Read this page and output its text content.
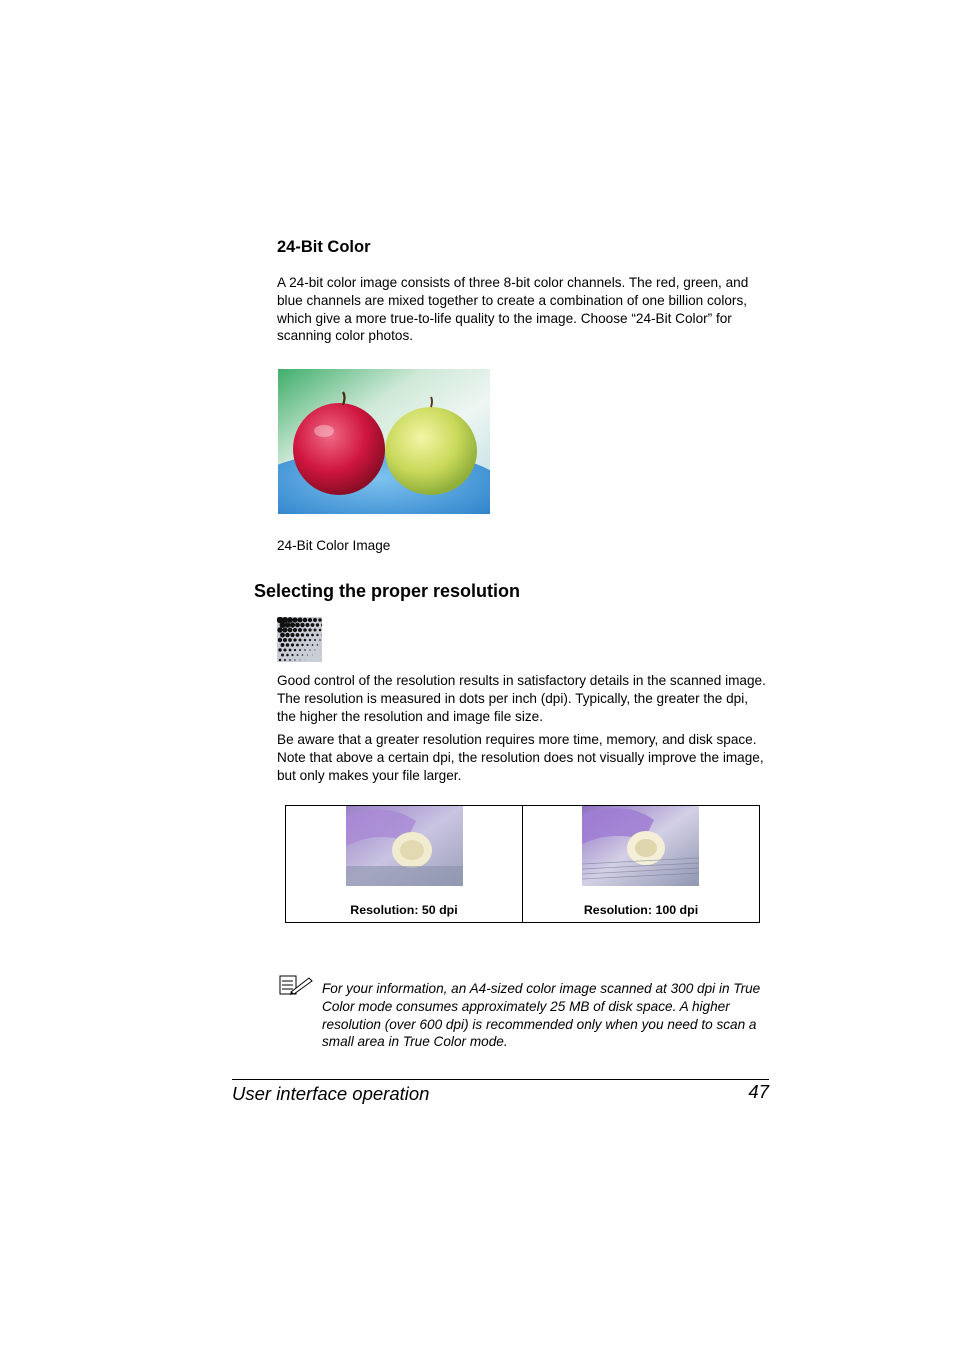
24-Bit Color
A 24-bit color image consists of three 8-bit color channels. The red, green, and blue channels are mixed together to create a combination of one billion colors, which give a more true-to-life quality to the image. Choose “24-Bit Color” for scanning color photos.
24-Bit Color Image
Selecting the proper resolution
Good control of the resolution results in satisfactory details in the scanned image. The resolution is measured in dots per inch (dpi). Typically, the greater the dpi, the higher the resolution and image file size.
Be aware that a greater resolution requires more time, memory, and disk space. Note that above a certain dpi, the resolution does not visually improve the image, but only makes your file larger.
Resolution: 50 dpi	Resolution: 100 dpi
For your information, an A4-sized color image scanned at 300 dpi in True Color mode consumes approximately 25 MB of disk space. A higher resolution (over 600 dpi) is recommended only when you need to scan a small area in True Color mode.
User interface operation	47
